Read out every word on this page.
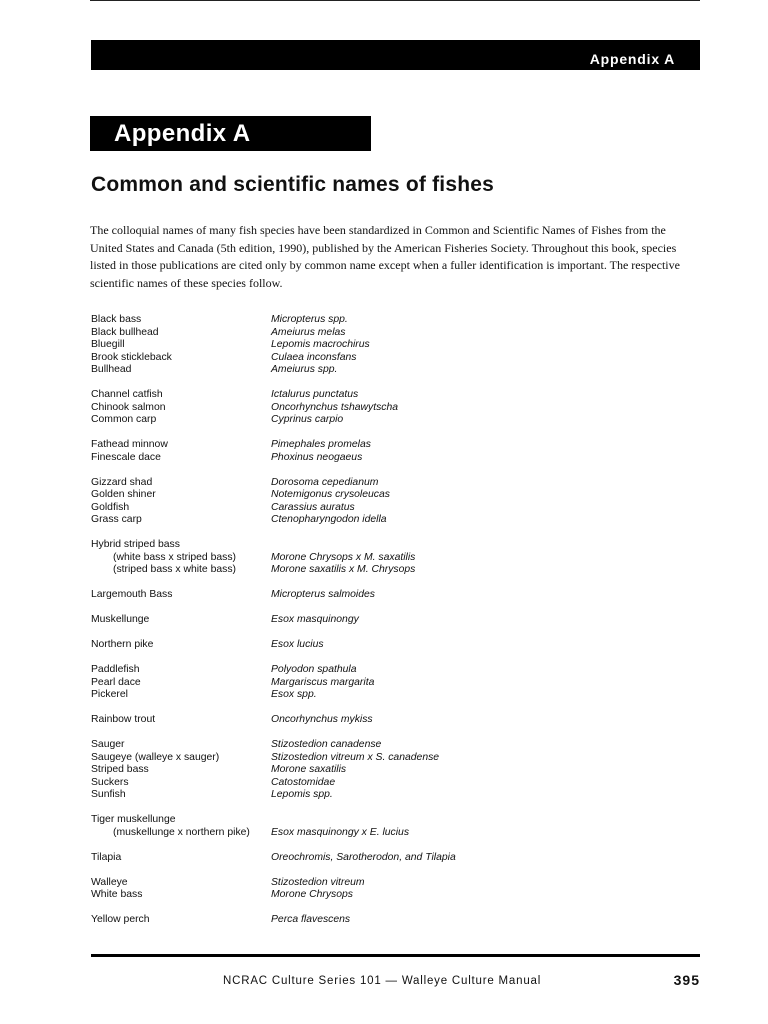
Appendix A
Appendix A
Common and scientific names of fishes

The colloquial names of many fish species have been standardized in Common and Scientific Names of Fishes from the United States and Canada (5th edition, 1990), published by the American Fisheries Society. Throughout this book, species listed in those publications are cited only by common name except when a fuller identification is important. The respective scientific names of these species follow.

Black bass	Micropterus spp.
Black bullhead	Ameiurus melas
Bluegill	Lepomis macrochirus
Brook stickleback	Culaea inconsfans
Bullhead	Ameiurus spp.
Channel catfish	Ictalurus punctatus
Chinook salmon	Oncorhynchus tshawytscha
Common carp	Cyprinus carpio
Fathead minnow	Pimephales promelas
Finescale dace	Phoxinus neogaeus
Gizzard shad	Dorosoma cepedianum
Golden shiner	Notemigonus crysoleucas
Goldfish	Carassius auratus
Grass carp	Ctenopharyngodon idella
Hybrid striped bass
(white bass x striped bass)	Morone Chrysops x M. saxatilis
(striped bass x white bass)	Morone saxatilis x M. Chrysops
Largemouth Bass	Micropterus salmoides
Muskellunge	Esox masquinongy
Northern pike	Esox lucius
Paddlefish	Polyodon spathula
Pearl dace	Margariscus margarita
Pickerel	Esox spp.
Rainbow trout	Oncorhynchus mykiss
Sauger	Stizostedion canadense
Saugeye (walleye x sauger)	Stizostedion vitreum x S. canadense
Striped bass	Morone saxatilis
Suckers	Catostomidae
Sunfish	Lepomis spp.
Tiger muskellunge
(muskellunge x northern pike)	Esox masquinongy x E. lucius
Tilapia	Oreochromis, Sarotherodon, and Tilapia
Walleye	Stizostedion vitreum
White bass	Morone Chrysops
Yellow perch	Perca flavescens
NCRAC Culture Series 101 — Walleye Culture Manual	395
